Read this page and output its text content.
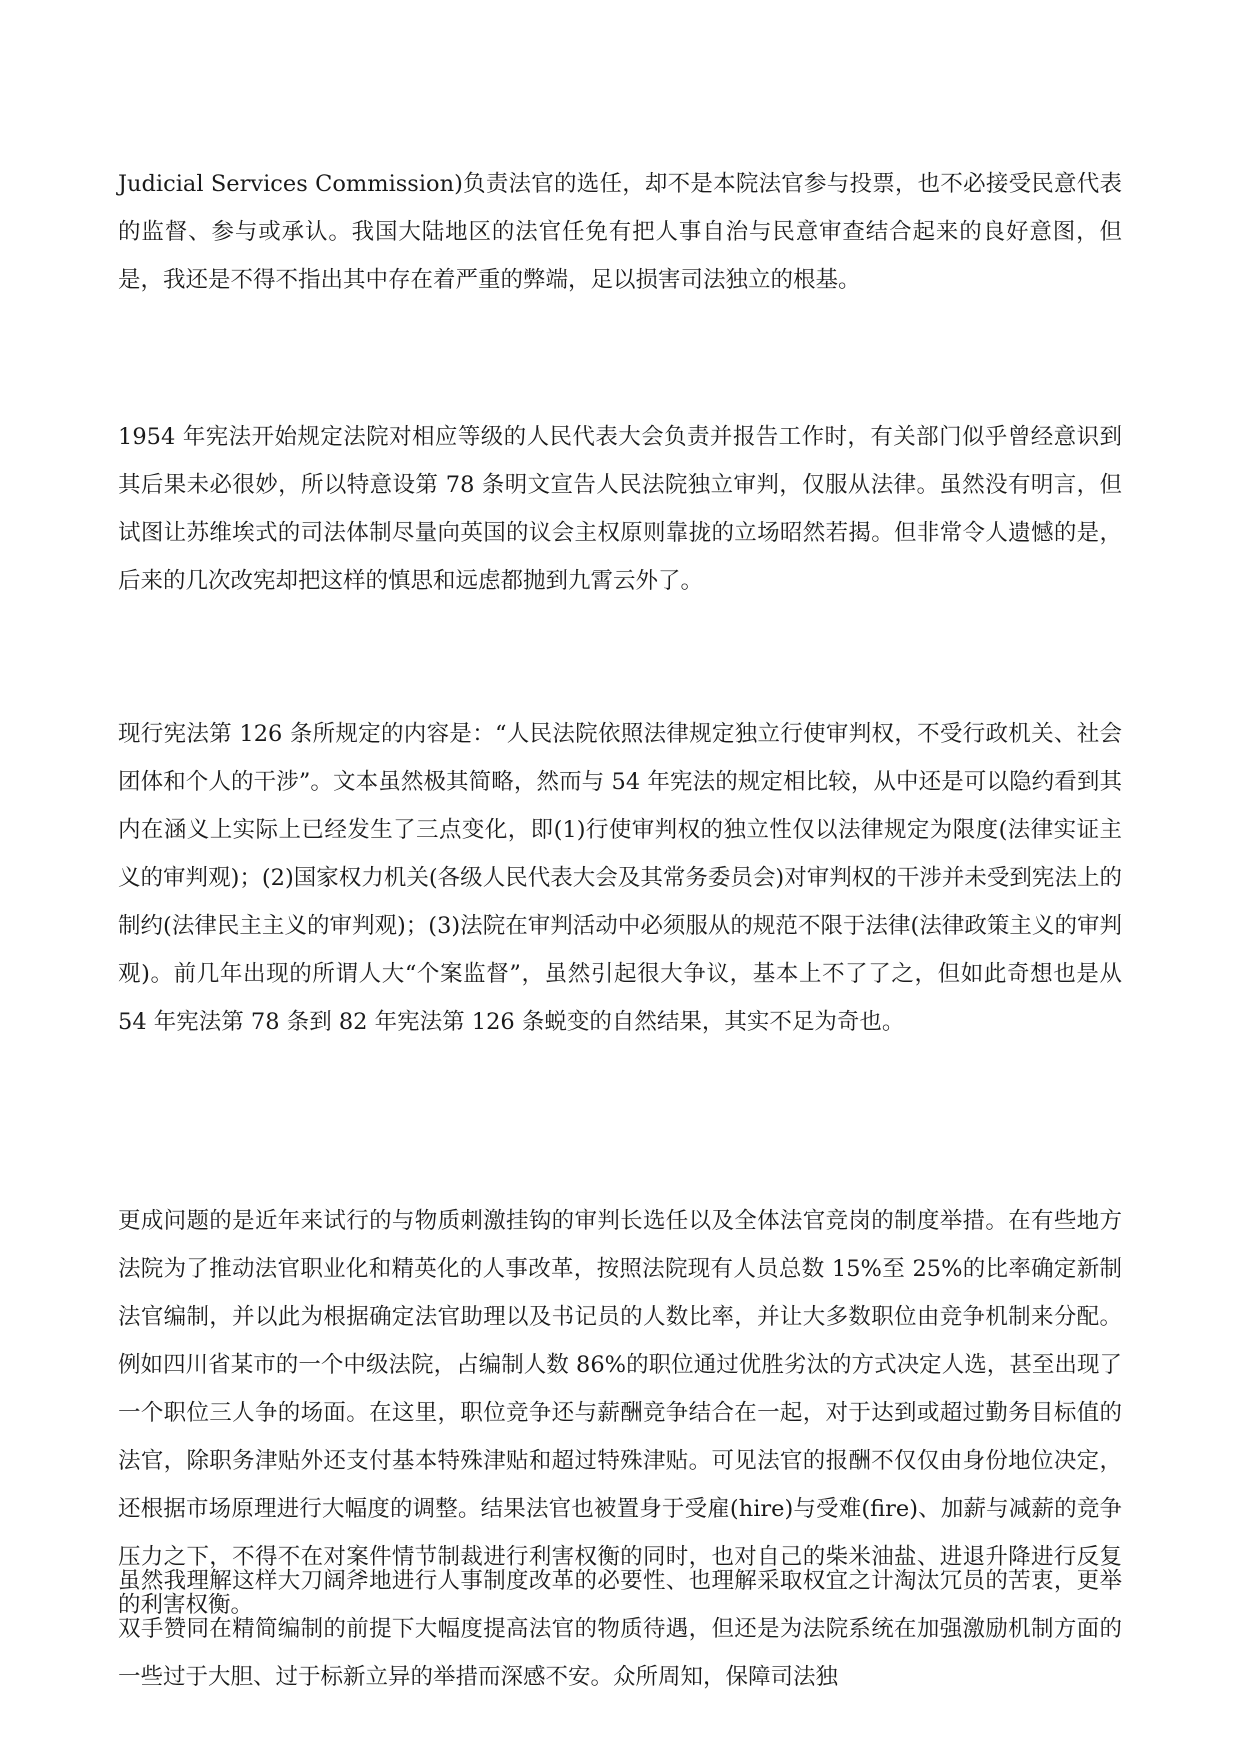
Judicial Services Commission)负责法官的选任，却不是本院法官参与投票，也不必接受民意代表的监督、参与或承认。我国大陆地区的法官任免有把人事自治与民意审查结合起来的良好意图，但是，我还是不得不指出其中存在着严重的弊端，足以损害司法独立的根基。

1954 年宪法开始规定法院对相应等级的人民代表大会负责并报告工作时，有关部门似乎曾经意识到其后果未必很妙，所以特意设第 78 条明文宣告人民法院独立审判，仅服从法律。虽然没有明言，但试图让苏维埃式的司法体制尽量向英国的议会主权原则靠拢的立场昭然若揭。但非常令人遗憾的是，后来的几次改宪却把这样的慎思和远虑都抛到九霄云外了。

现行宪法第 126 条所规定的内容是：“人民法院依照法律规定独立行使审判权，不受行政机关、社会团体和个人的干涉”。文本虽然极其简略，然而与 54 年宪法的规定相比较，从中还是可以隐约看到其内在涵义上实际上已经发生了三点变化，即(1)行使审判权的独立性仅以法律规定为限度(法律实证主义的审判观)；(2)国家权力机关(各级人民代表大会及其常务委员会)对审判权的干涉并未受到宪法上的制约(法律民主主义的审判观)；(3)法院在审判活动中必须服从的规范不限于法律(法律政策主义的审判观)。前几年出现的所谓人大“个案监督”，虽然引起很大争议，基本上不了了之，但如此奇想也是从 54 年宪法第 78 条到 82 年宪法第 126 条蜕变的自然结果，其实不足为奇也。

更成问题的是近年来试行的与物质刺激挂钩的审判长选任以及全体法官竞岗的制度举措。在有些地方法院为了推动法官职业化和精英化的人事改革，按照法院现有人员总数 15%至 25%的比率确定新制法官编制，并以此为根据确定法官助理以及书记员的人数比率，并让大多数职位由竞争机制来分配。例如四川省某市的一个中级法院，占编制人数 86%的职位通过优胜劣汰的方式决定人选，甚至出现了一个职位三人争的场面。在这里，职位竞争还与薪酬竞争结合在一起，对于达到或超过勤务目标值的法官，除职务津贴外还支付基本特殊津贴和超过特殊津贴。可见法官的报酬不仅仅由身份地位决定，还根据市场原理进行大幅度的调整。结果法官也被置身于受雇(hire)与受难(fire)、加薪与减薪的竞争压力之下，不得不在对案件情节制裁进行利害权衡的同时，也对自己的柴米油盐、进退升降进行反复的利害权衡。

虽然我理解这样大刀阔斧地进行人事制度改革的必要性、也理解采取权宜之计淘汰冗员的苦衷，更举双手赞同在精简编制的前提下大幅度提高法官的物质待遇，但还是为法院系统在加强激励机制方面的一些过于大胆、过于标新立异的举措而深感不安。众所周知，保障司法独
